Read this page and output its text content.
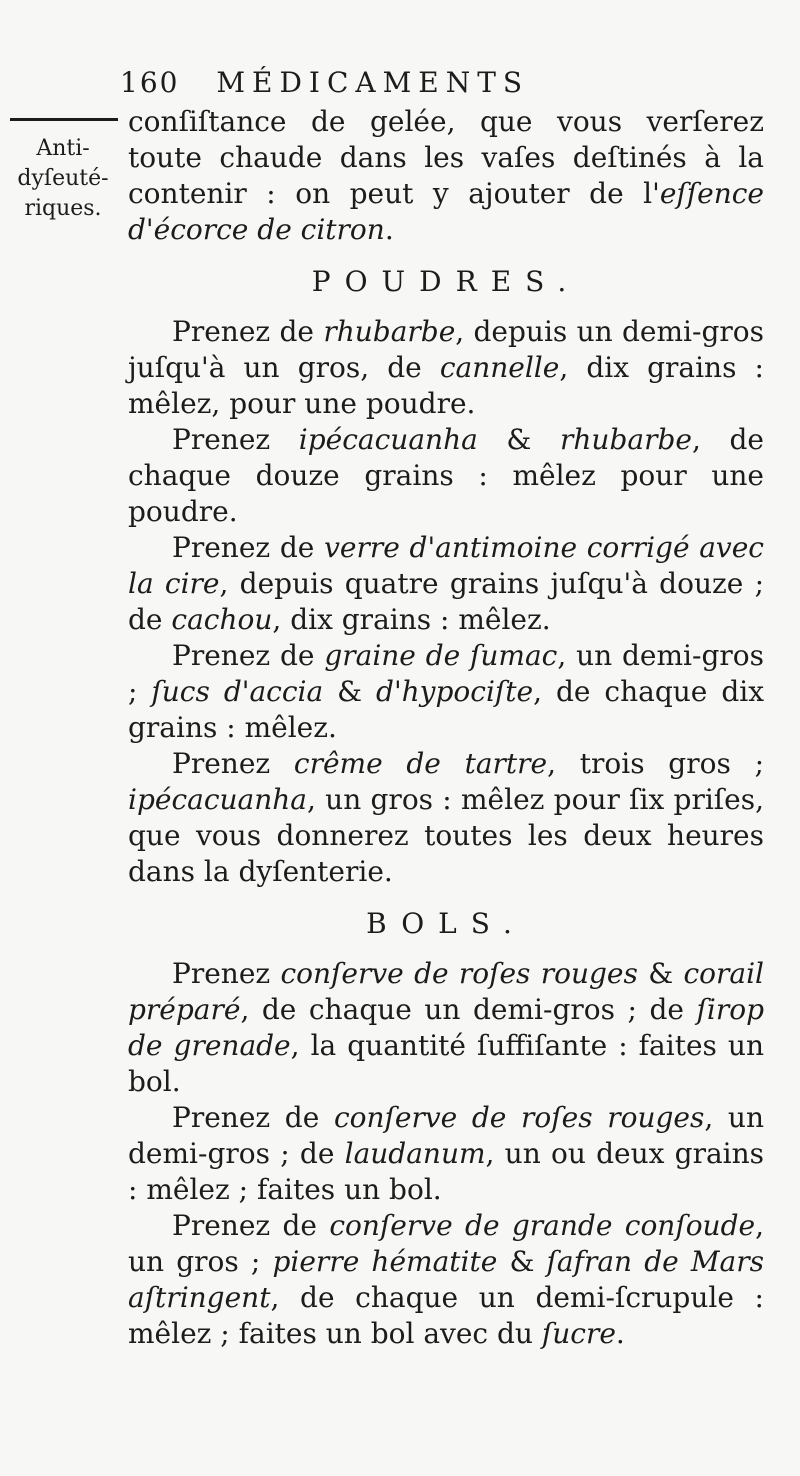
160 MÉDICAMENTS
Anti-dyſeuté-riques.

conſiſtance de gelée, que vous verſerez toute chaude dans les vaſes deſtinés à la contenir : on peut y ajouter de l'eſſence d'écorce de citron.

POUDRES.

Prenez de rhubarbe, depuis un demi-gros juſqu'à un gros, de cannelle, dix grains : mêlez, pour une poudre.

Prenez ipécacuanha & rhubarbe, de chaque douze grains : mêlez pour une poudre.

Prenez de verre d'antimoine corrigé avec la cire, depuis quatre grains juſqu'à douze ; de cachou, dix grains : mêlez.

Prenez de graine de ſumac, un demi-gros ; ſucs d'accia & d'hypociſte, de chaque dix grains : mêlez.

Prenez crême de tartre, trois gros ; ipécacuanha, un gros : mêlez pour ſix priſes, que vous donnerez toutes les deux heures dans la dyſenterie.

BOLS.

Prenez conſerve de roſes rouges & corail préparé, de chaque un demi-gros ; de ſirop de grenade, la quantité ſuffiſante : faites un bol.

Prenez de conſerve de roſes rouges, un demi-gros ; de laudanum, un ou deux grains : mêlez ; faites un bol.

Prenez de conſerve de grande conſoude, un gros ; pierre hématite & ſafran de Mars aſtringent, de chaque un demi-ſcrupule : mêlez ; faites un bol avec du ſucre.
